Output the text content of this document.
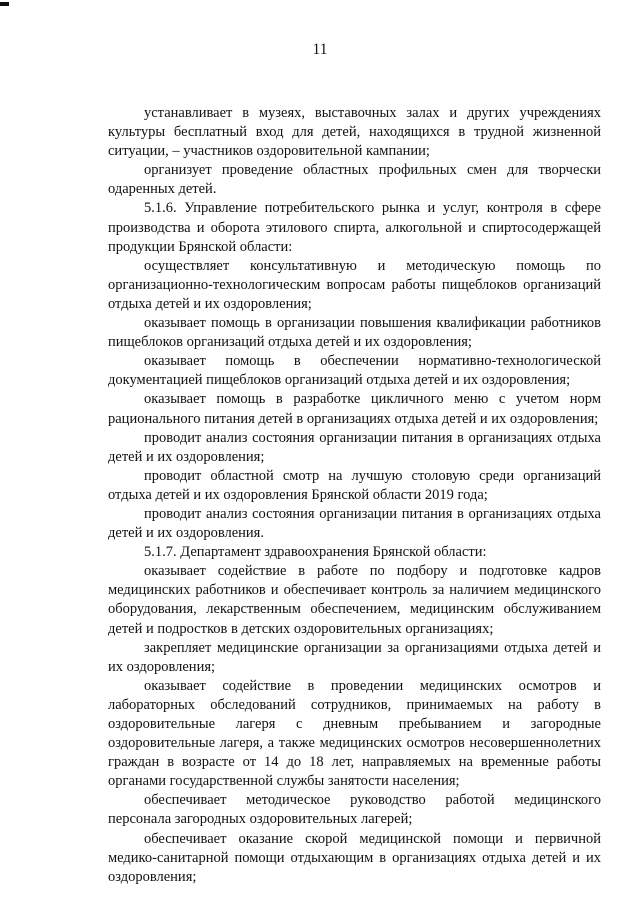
11

устанавливает в музеях, выставочных залах и других учреждениях культуры бесплатный вход для детей, находящихся в трудной жизненной ситуации, – участников оздоровительной кампании;

организует проведение областных профильных смен для творчески одаренных детей.

5.1.6. Управление потребительского рынка и услуг, контроля в сфере производства и оборота этилового спирта, алкогольной и спиртосодержащей продукции Брянской области:

осуществляет консультативную и методическую помощь по организационно-технологическим вопросам работы пищеблоков организаций отдыха детей и их оздоровления;

оказывает помощь в организации повышения квалификации работников пищеблоков организаций отдыха детей и их оздоровления;

оказывает помощь в обеспечении нормативно-технологической документацией пищеблоков организаций отдыха детей и их оздоровления;

оказывает помощь в разработке цикличного меню с учетом норм рационального питания детей в организациях отдыха детей и их оздоровления;

проводит анализ состояния организации питания в организациях отдыха детей и их оздоровления;

проводит областной смотр на лучшую столовую среди организаций отдыха детей и их оздоровления Брянской области 2019 года;

проводит анализ состояния организации питания в организациях отдыха детей и их оздоровления.

5.1.7. Департамент здравоохранения Брянской области:

оказывает содействие в работе по подбору и подготовке кадров медицинских работников и обеспечивает контроль за наличием медицинского оборудования, лекарственным обеспечением, медицинским обслуживанием детей и подростков в детских оздоровительных организациях;

закрепляет медицинские организации за организациями отдыха детей и их оздоровления;

оказывает содействие в проведении медицинских осмотров и лабораторных обследований сотрудников, принимаемых на работу в оздоровительные лагеря с дневным пребыванием и загородные оздоровительные лагеря, а также медицинских осмотров несовершеннолетних граждан в возрасте от 14 до 18 лет, направляемых на временные работы органами государственной службы занятости населения;

обеспечивает методическое руководство работой медицинского персонала загородных оздоровительных лагерей;

обеспечивает оказание скорой медицинской помощи и первичной медико-санитарной помощи отдыхающим в организациях отдыха детей и их оздоровления;
